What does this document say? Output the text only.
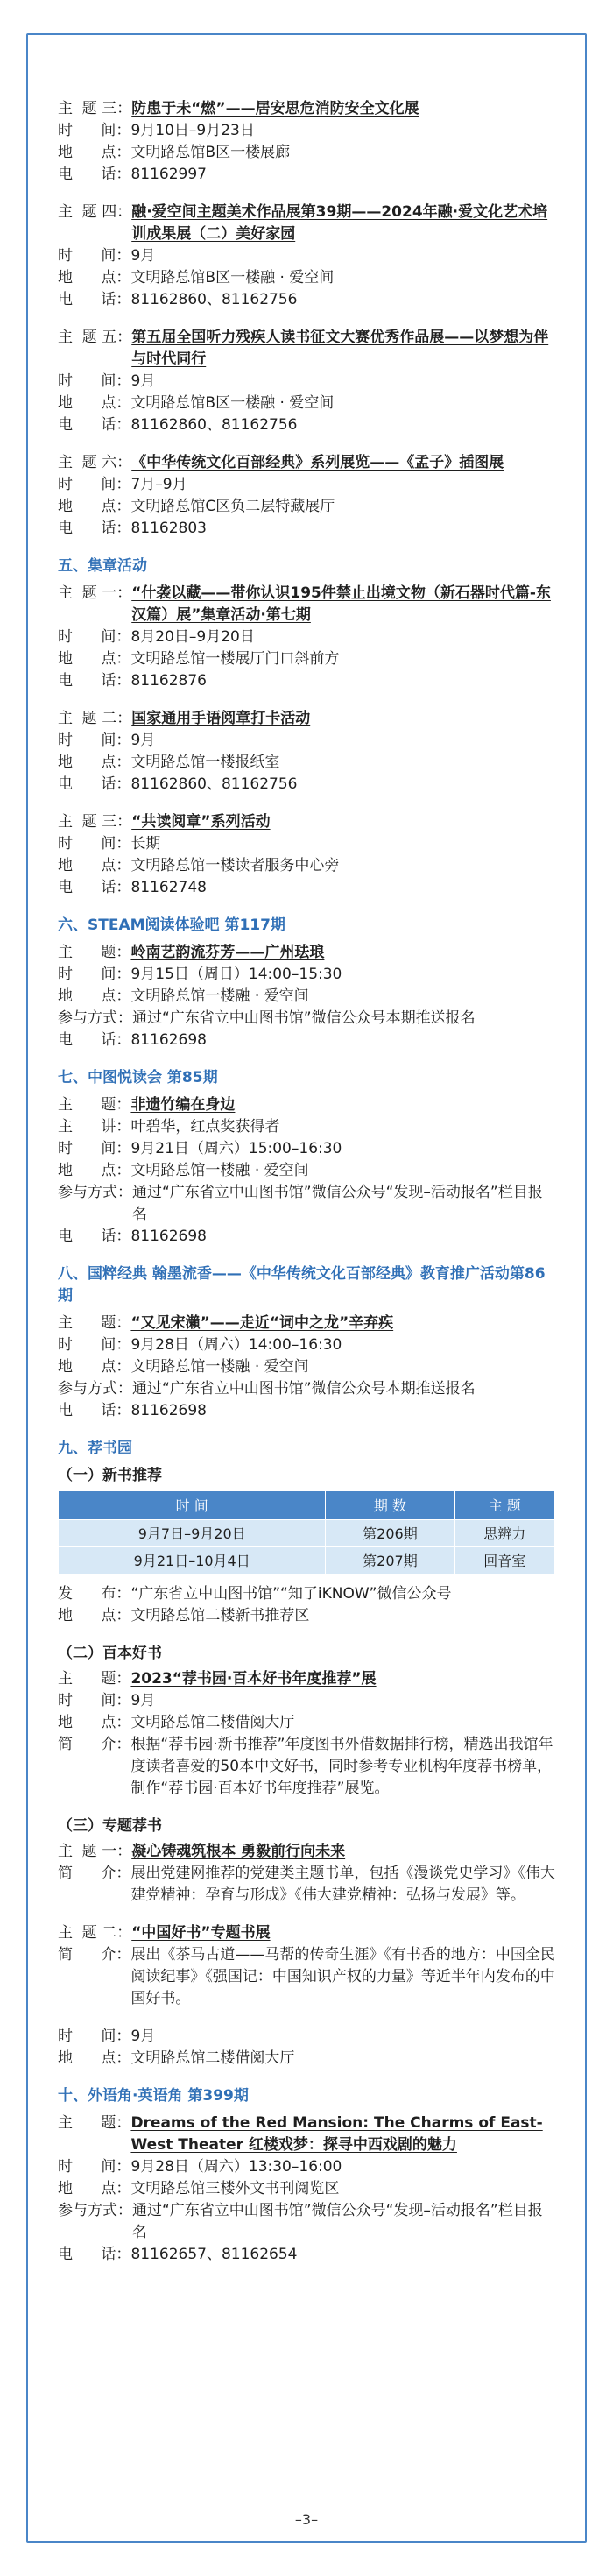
主  题 三： 防患于未“燃”——居安思危消防安全文化展
时      间： 9月10日–9月23日
地      点： 文明路总馆B区一楼展廊
电      话： 81162997
主  题 四： 融·爱空间主题美术作品展第39期——2024年融·爱文化艺术培训成果展（二）美好家园
时      间： 9月
地      点： 文明路总馆B区一楼融 · 爱空间
电      话： 81162860、81162756
主  题 五： 第五届全国听力残疾人读书征文大赛优秀作品展——以梦想为伴 与时代同行
时      间： 9月
地      点： 文明路总馆B区一楼融 · 爱空间
电      话： 81162860、81162756
主  题 六： 《中华传统文化百部经典》系列展览——《孟子》插图展
时      间： 7月–9月
地      点： 文明路总馆C区负二层特藏展厅
电      话： 81162803
五、集章活动
主  题 一： “什袭以藏——带你认识195件禁止出境文物（新石器时代篇-东汉篇）展”集章活动·第七期
时      间： 8月20日–9月20日
地      点： 文明路总馆一楼展厅门口斜前方
电      话： 81162876
主  题 二： 国家通用手语阅章打卡活动
时      间： 9月
地      点： 文明路总馆一楼报纸室
电      话： 81162860、81162756
主  题 三： “共读阅章”系列活动
时      间： 长期
地      点： 文明路总馆一楼读者服务中心旁
电      话： 81162748
六、STEAM阅读体验吧 第117期
主      题： 岭南艺韵流芬芳——广州珐琅
时      间： 9月15日（周日）14:00–15:30
地      点： 文明路总馆一楼融 · 爱空间
参与方式： 通过“广东省立中山图书馆”微信公众号本期推送报名
电      话： 81162698
七、中图悦读会 第85期
主      题： 非遗竹编在身边
主      讲： 叶碧华，红点奖获得者
时      间： 9月21日（周六）15:00–16:30
地      点： 文明路总馆一楼融 · 爱空间
参与方式： 通过“广东省立中山图书馆”微信公众号“发现–活动报名”栏目报名
电      话： 81162698
八、国粹经典 翰墨流香——《中华传统文化百部经典》教育推广活动第86期
主      题： “又见宋瀨”——走近“词中之龙”辛弃疾
时      间： 9月28日（周六）14:00–16:30
地      点： 文明路总馆一楼融 · 爱空间
参与方式： 通过“广东省立中山图书馆”微信公众号本期推送报名
电      话： 81162698
九、荐书园
（一）新书推荐
时 间	期 数	主 题
9月7日–9月20日	第206期	思辨力
9月21日–10月4日	第207期	回音室
发      布： “广东省立中山图书馆”“知了iKNOW”微信公众号
地      点： 文明路总馆二楼新书推荐区
（二）百本好书
主      题： 2023“荐书园·百本好书年度推荐”展
时      间： 9月
地      点： 文明路总馆二楼借阅大厅
简      介： 根据“荐书园·新书推荐”年度图书外借数据排行榜，精选出我馆年度读者喜爱的50本中文好书，同时参考专业机构年度荐书榜单，制作“荐书园·百本好书年度推荐”展览。
（三）专题荐书
主  题 一： 凝心铸魂筑根本 勇毅前行向未来
简      介： 展出党建网推荐的党建类主题书单，包括《漫谈党史学习》《伟大建党精神：孕育与形成》《伟大建党精神：弘扬与发展》等。
主  题 二： “中国好书”专题书展
简      介： 展出《茶马古道——马帮的传奇生涯》《有书香的地方：中国全民阅读纪事》《强国记：中国知识产权的力量》等近半年内发布的中国好书。
时      间： 9月
地      点： 文明路总馆二楼借阅大厅
十、外语角·英语角 第399期
主      题： Dreams of the Red Mansion: The Charms of East-West Theater 红楼戏梦：探寻中西戏剧的魅力
时      间： 9月28日（周六）13:30–16:00
地      点： 文明路总馆三楼外文书刊阅览区
参与方式： 通过“广东省立中山图书馆”微信公众号“发现–活动报名”栏目报名
电      话： 81162657、81162654
–3–
